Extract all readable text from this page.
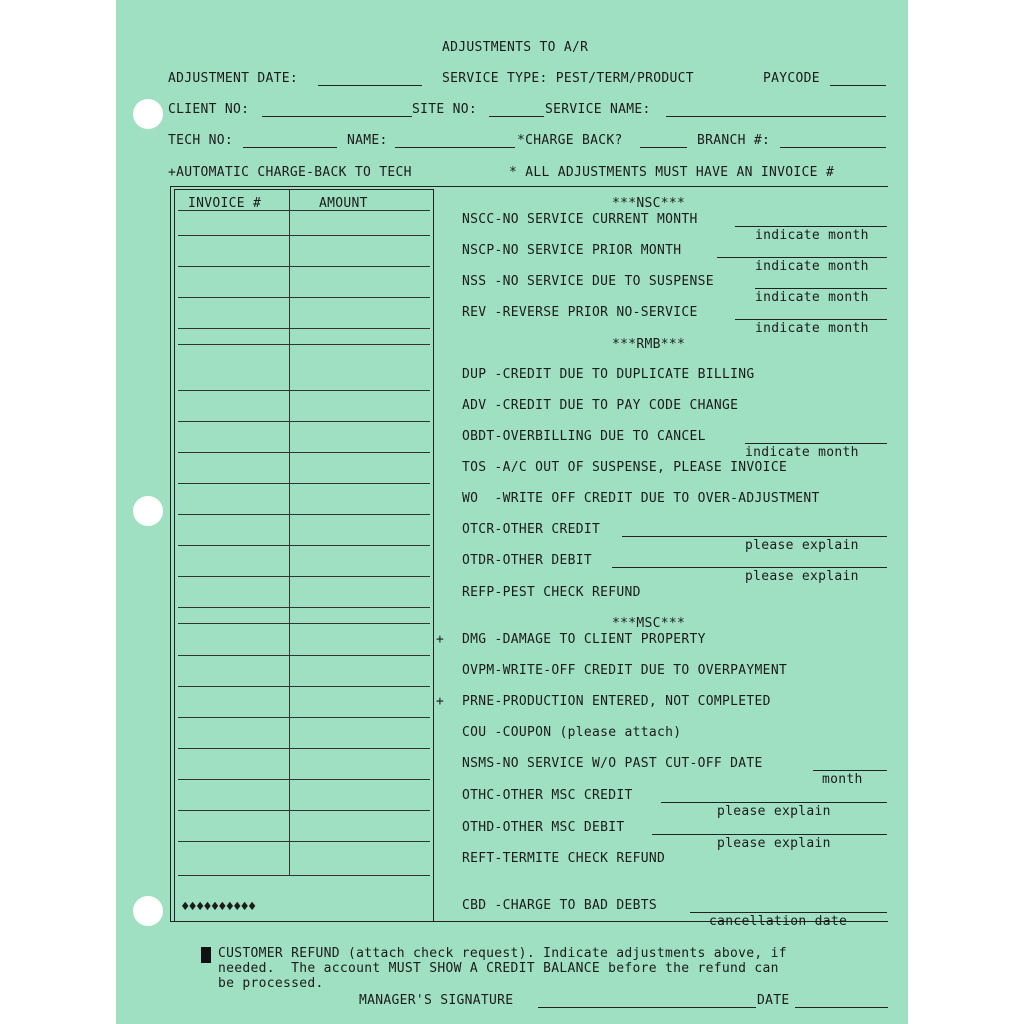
ADJUSTMENTS TO A/R
ADJUSTMENT DATE:	SERVICE TYPE: PEST/TERM/PRODUCT	PAYCODE
CLIENT NO:	SITE NO:	SERVICE NAME:
TECH NO:	NAME:	*CHARGE BACK?	BRANCH #:
+AUTOMATIC CHARGE-BACK TO TECH	* ALL ADJUSTMENTS MUST HAVE AN INVOICE #
INVOICE #	AMOUNT
♦♦♦♦♦♦♦♦♦♦
***NSC***
NSCC-NO SERVICE CURRENT MONTH
indicate month
NSCP-NO SERVICE PRIOR MONTH
indicate month
NSS -NO SERVICE DUE TO SUSPENSE
indicate month
REV -REVERSE PRIOR NO-SERVICE
indicate month
***RMB***
DUP -CREDIT DUE TO DUPLICATE BILLING
ADV -CREDIT DUE TO PAY CODE CHANGE
OBDT-OVERBILLING DUE TO CANCEL
indicate month
TOS -A/C OUT OF SUSPENSE, PLEASE INVOICE
WO  -WRITE OFF CREDIT DUE TO OVER-ADJUSTMENT
OTCR-OTHER CREDIT
please explain
OTDR-OTHER DEBIT
please explain
REFP-PEST CHECK REFUND
***MSC***
+ DMG -DAMAGE TO CLIENT PROPERTY
OVPM-WRITE-OFF CREDIT DUE TO OVERPAYMENT
+ PRNE-PRODUCTION ENTERED, NOT COMPLETED
COU -COUPON (please attach)
NSMS-NO SERVICE W/O PAST CUT-OFF DATE
month
OTHC-OTHER MSC CREDIT
please explain
OTHD-OTHER MSC DEBIT
please explain
REFT-TERMITE CHECK REFUND
CBD -CHARGE TO BAD DEBTS
cancellation date
CUSTOMER REFUND (attach check request). Indicate adjustments above, if
needed.  The account MUST SHOW A CREDIT BALANCE before the refund can
be processed.
MANAGER'S SIGNATURE	DATE
